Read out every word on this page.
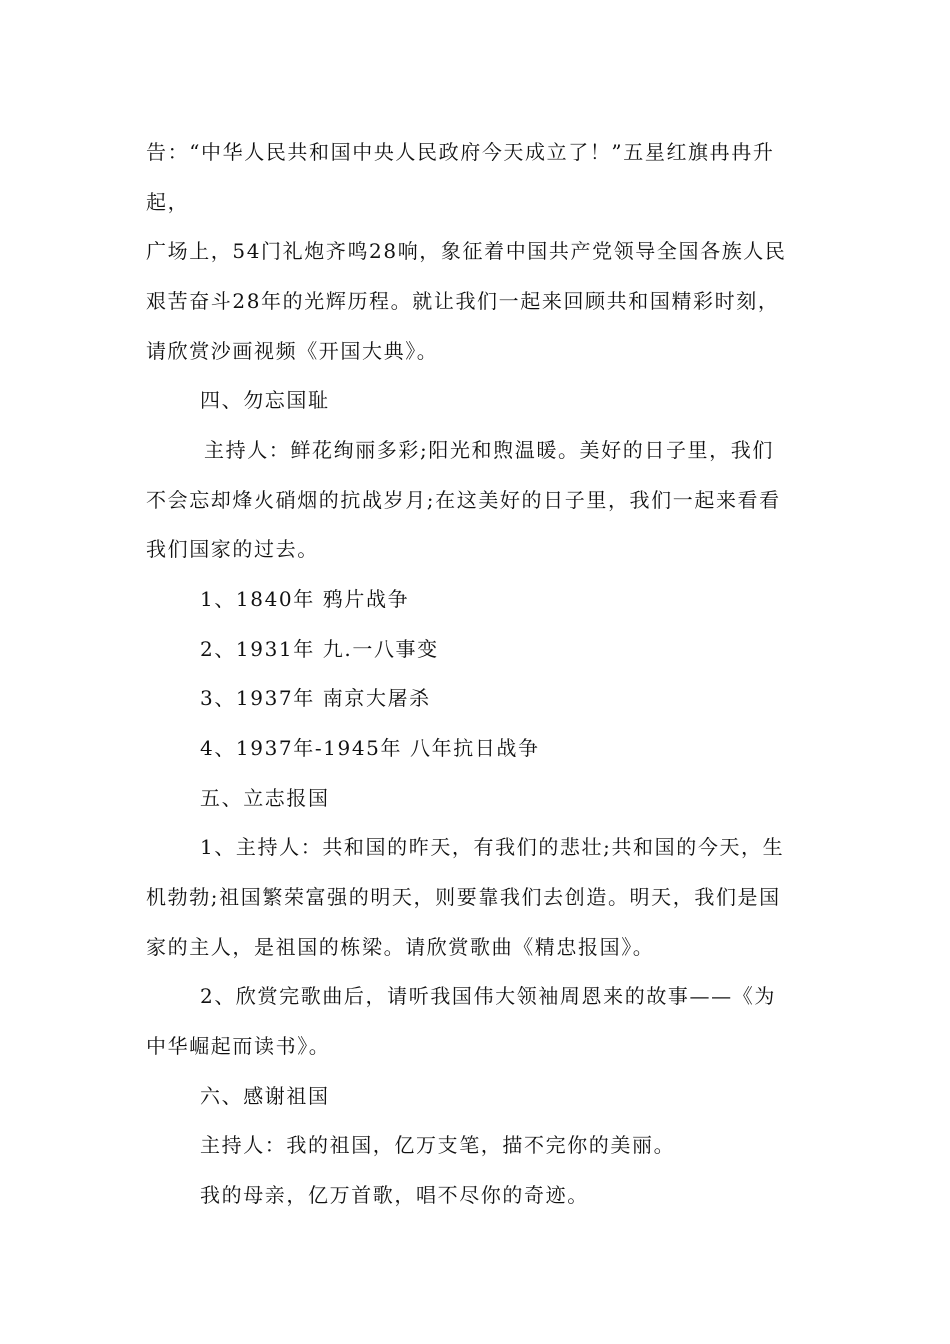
告：“中华人民共和国中央人民政府今天成立了！”五星红旗冉冉升
起，
广场上，54门礼炮齐鸣28响，象征着中国共产党领导全国各族人民
艰苦奋斗28年的光辉历程。就让我们一起来回顾共和国精彩时刻，
请欣赏沙画视频《开国大典》。
四、勿忘国耻
主持人：鲜花绚丽多彩;阳光和煦温暖。美好的日子里，我们
不会忘却烽火硝烟的抗战岁月;在这美好的日子里，我们一起来看看
我们国家的过去。
1、1840年 鸦片战争
2、1931年 九.一八事变
3、1937年 南京大屠杀
4、1937年-1945年 八年抗日战争
五、立志报国
1、主持人：共和国的昨天，有我们的悲壮;共和国的今天，生
机勃勃;祖国繁荣富强的明天，则要靠我们去创造。明天，我们是国
家的主人，是祖国的栋梁。请欣赏歌曲《精忠报国》。
2、欣赏完歌曲后，请听我国伟大领袖周恩来的故事——《为
中华崛起而读书》。
六、感谢祖国
主持人：我的祖国，亿万支笔，描不完你的美丽。
我的母亲，亿万首歌，唱不尽你的奇迹。
